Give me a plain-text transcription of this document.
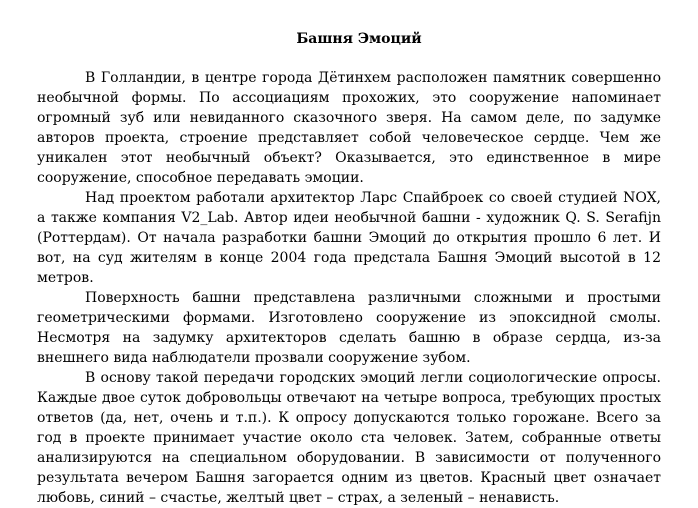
Башня Эмоций

В Голландии, в центре города Дётинхем расположен памятник совершенно необычной формы. По ассоциациям прохожих, это сооружение напоминает огромный зуб или невиданного сказочного зверя. На самом деле, по задумке авторов проекта, строение представляет собой человеческое сердце. Чем же уникален этот необычный объект? Оказывается, это единственное в мире сооружение, способное передавать эмоции.

Над проектом работали архитектор Ларс Спайброек со своей студией NOX, а также компания V2_Lab. Автор идеи необычной башни - художник Q. S. Serafijn (Роттердам). От начала разработки башни Эмоций до открытия прошло 6 лет. И вот, на суд жителям в конце 2004 года предстала Башня Эмоций высотой в 12 метров.

Поверхность башни представлена различными сложными и простыми геометрическими формами. Изготовлено сооружение из эпоксидной смолы. Несмотря на задумку архитекторов сделать башню в образе сердца, из-за внешнего вида наблюдатели прозвали сооружение зубом.

В основу такой передачи городских эмоций легли социологические опросы. Каждые двое суток добровольцы отвечают на четыре вопроса, требующих простых ответов (да, нет, очень и т.п.). К опросу допускаются только горожане. Всего за год в проекте принимает участие около ста человек. Затем, собранные ответы анализируются на специальном оборудовании. В зависимости от полученного результата вечером Башня загорается одним из цветов. Красный цвет означает любовь, синий – счастье, желтый цвет – страх, а зеленый – ненависть.
